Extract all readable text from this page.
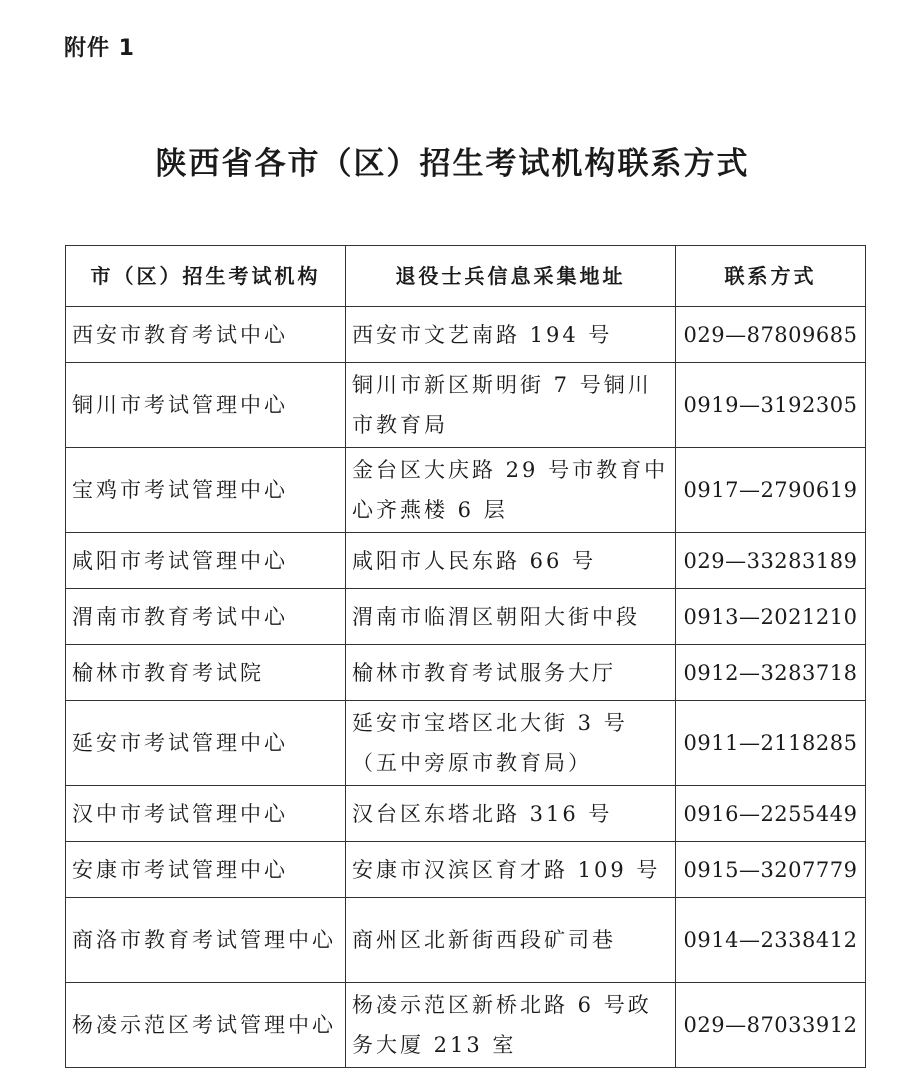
附件 1
陕西省各市（区）招生考试机构联系方式
市（区）招生考试机构	退役士兵信息采集地址	联系方式

西安市教育考试中心	西安市文艺南路 194 号	029—87809685

铜川市考试管理中心	铜川市新区斯明街 7 号铜川市教育局	0919—3192305

宝鸡市考试管理中心	金台区大庆路 29 号市教育中心齐燕楼 6 层	0917—2790619

咸阳市考试管理中心	咸阳市人民东路 66 号	029—33283189

渭南市教育考试中心	渭南市临渭区朝阳大街中段	0913—2021210

榆林市教育考试院	榆林市教育考试服务大厅	0912—3283718

延安市考试管理中心	延安市宝塔区北大街 3 号（五中旁原市教育局）	0911—2118285

汉中市考试管理中心	汉台区东塔北路 316 号	0916—2255449

安康市考试管理中心	安康市汉滨区育才路 109 号	0915—3207779

商洛市教育考试管理中心	商州区北新街西段矿司巷	0914—2338412

杨凌示范区考试管理中心	杨凌示范区新桥北路 6 号政务大厦 213 室	029—87033912
